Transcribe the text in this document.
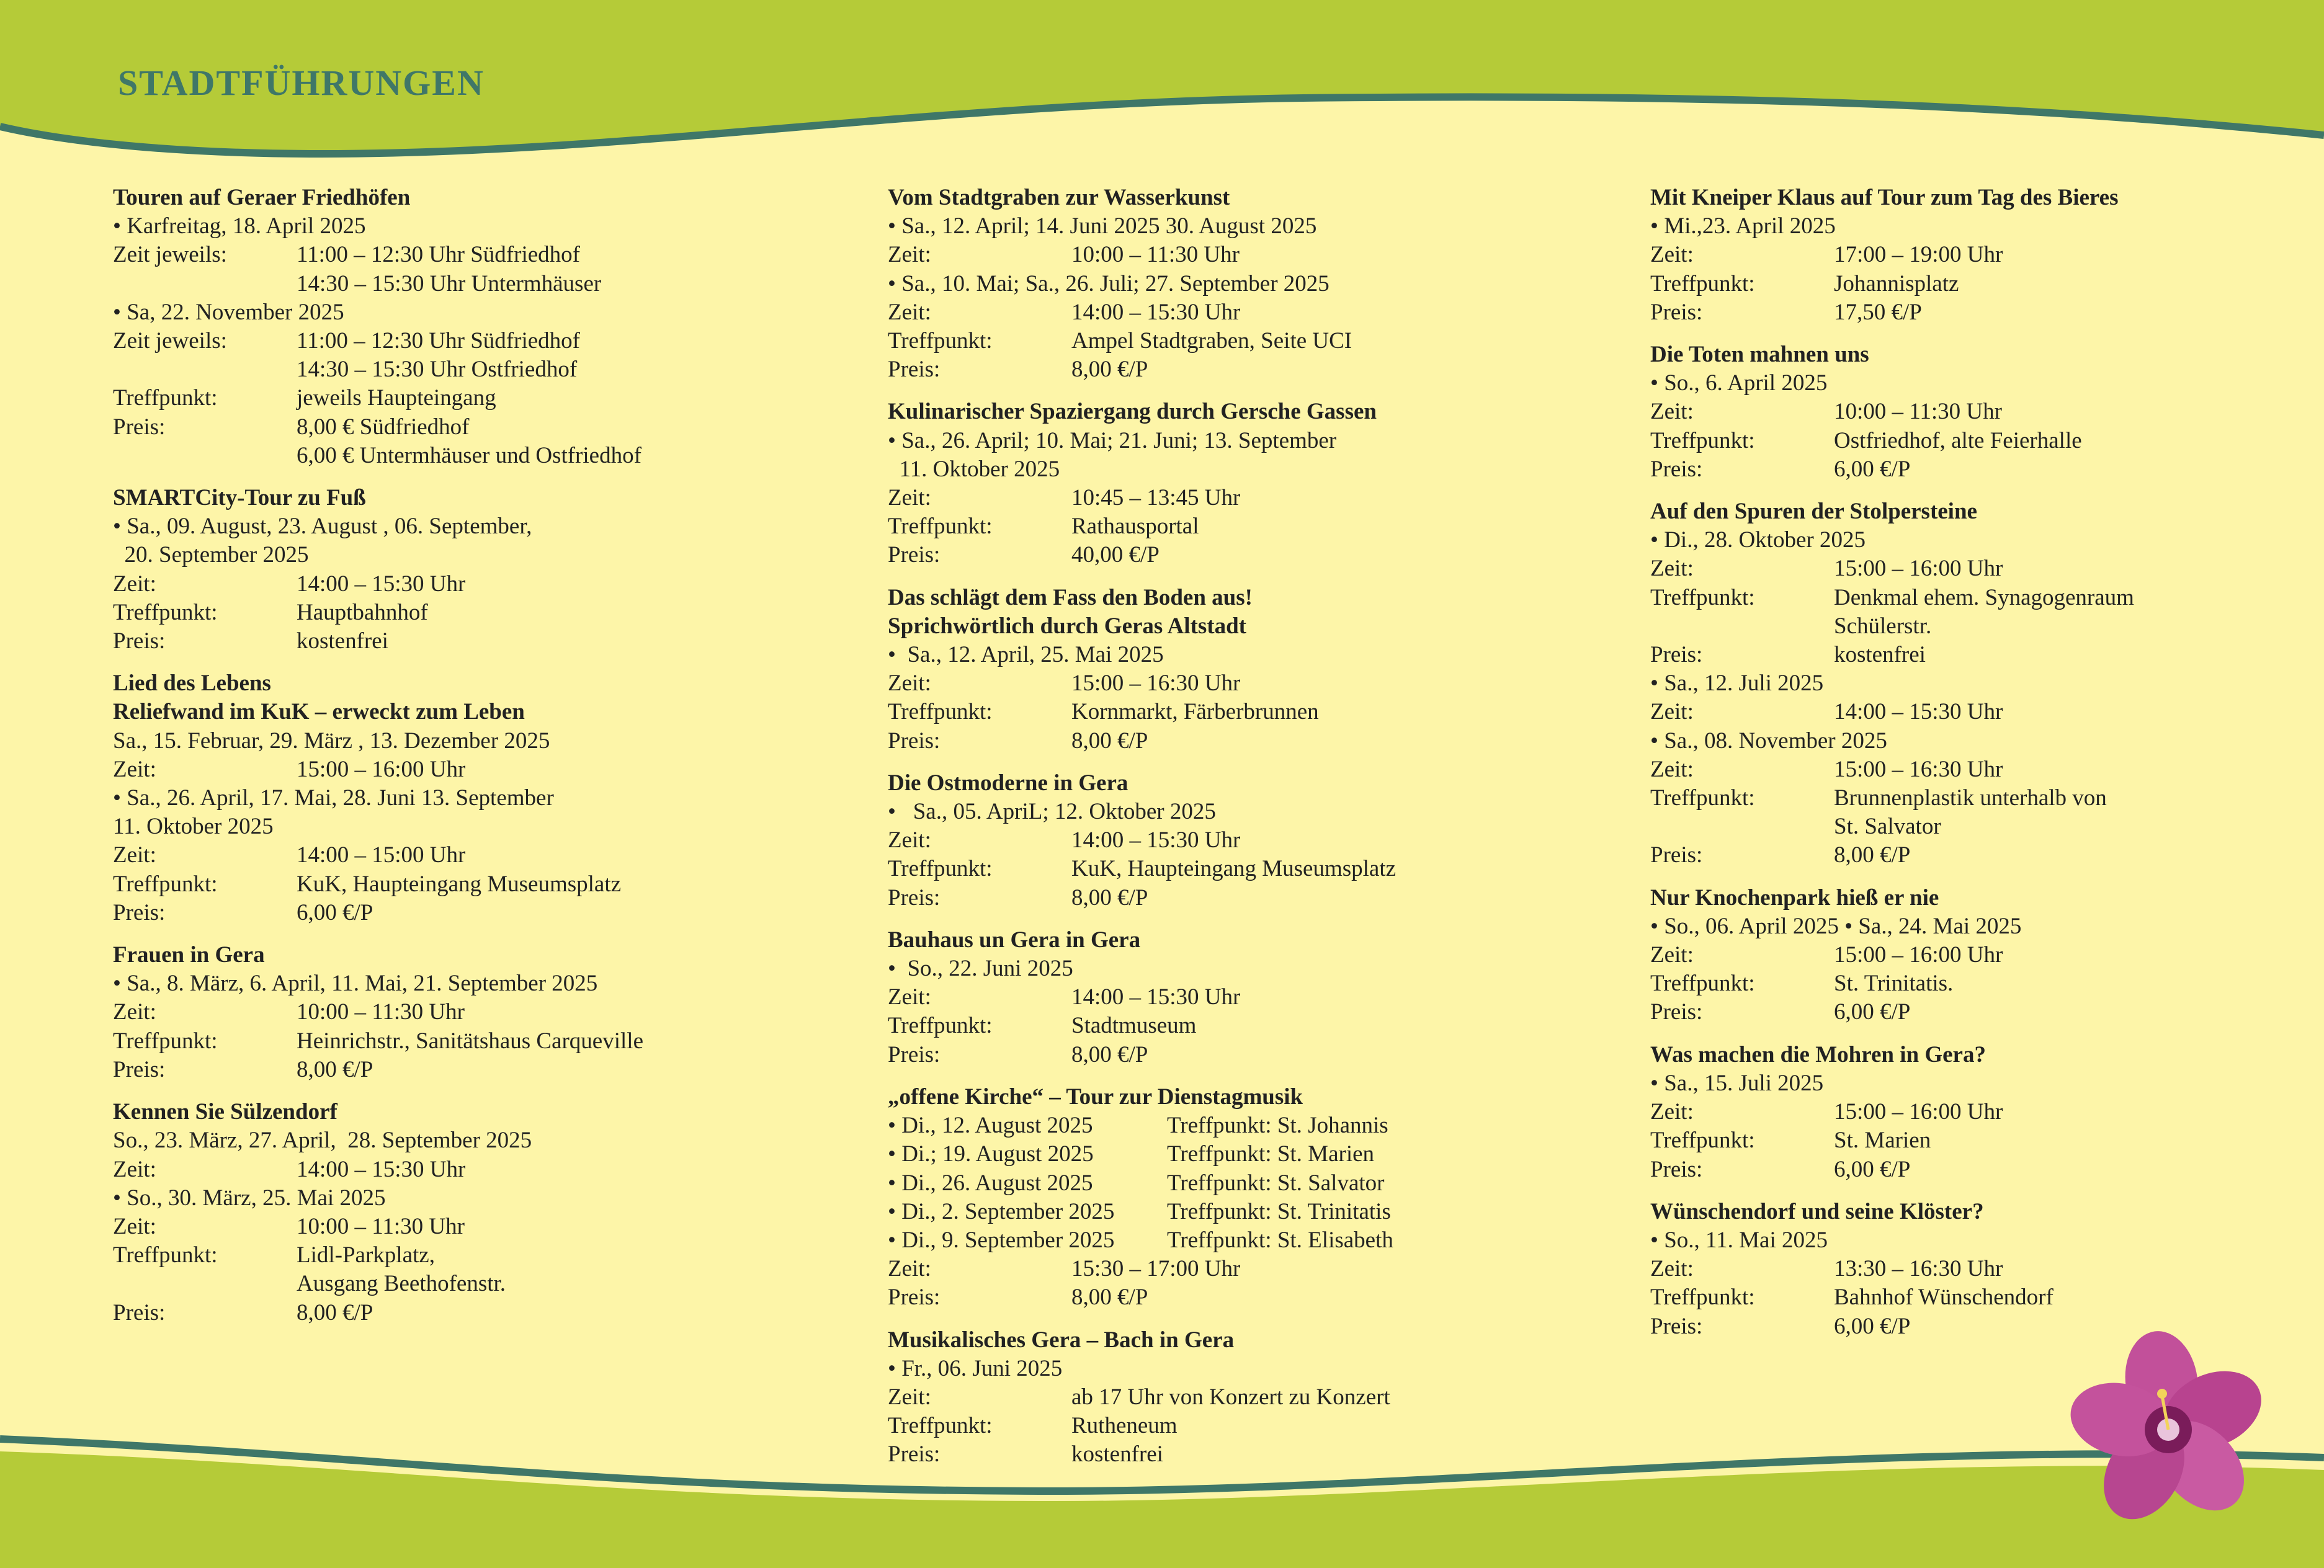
STADTFÜHRUNGEN
Touren auf Geraer Friedhöfen
• Karfreitag, 18. April 2025
Zeit jeweils:	11:00 – 12:30 Uhr Südfriedhof
14:30 – 15:30 Uhr Untermhäuser
• Sa, 22. November 2025
Zeit jeweils:	11:00 – 12:30 Uhr Südfriedhof
14:30 – 15:30 Uhr Ostfriedhof
Treffpunkt:	jeweils Haupteingang
Preis:	8,00 € Südfriedhof
6,00 € Untermhäuser und Ostfriedhof
SMARTCity-Tour zu Fuß
• Sa., 09. August, 23. August , 06. September,
20. September 2025
Zeit:	14:00 – 15:30 Uhr
Treffpunkt:	Hauptbahnhof
Preis:	kostenfrei
Lied des Lebens
Reliefwand im KuK – erweckt zum Leben
Sa., 15. Februar, 29. März , 13. Dezember 2025
Zeit:	15:00 – 16:00 Uhr
• Sa., 26. April, 17. Mai, 28. Juni 13. September
11. Oktober 2025
Zeit:	14:00 – 15:00 Uhr
Treffpunkt:	KuK, Haupteingang Museumsplatz
Preis:	6,00 €/P
Frauen in Gera
• Sa., 8. März, 6. April, 11. Mai, 21. September 2025
Zeit:	10:00 – 11:30 Uhr
Treffpunkt:	Heinrichstr., Sanitätshaus Carqueville
Preis:	8,00 €/P
Kennen Sie Sülzendorf
So., 23. März, 27. April,  28. September 2025
Zeit:	14:00 – 15:30 Uhr
• So., 30. März, 25. Mai 2025
Zeit:	10:00 – 11:30 Uhr
Treffpunkt:	Lidl-Parkplatz,
Ausgang Beethofenstr.
Preis:	8,00 €/P
Vom Stadtgraben zur Wasserkunst
• Sa., 12. April; 14. Juni 2025 30. August 2025
Zeit:	10:00 – 11:30 Uhr
• Sa., 10. Mai; Sa., 26. Juli; 27. September 2025
Zeit:	14:00 – 15:30 Uhr
Treffpunkt:	Ampel Stadtgraben, Seite UCI
Preis:	8,00 €/P
Kulinarischer Spaziergang durch Gersche Gassen
• Sa., 26. April; 10. Mai; 21. Juni; 13. September
11. Oktober 2025
Zeit:	10:45 – 13:45 Uhr
Treffpunkt:	Rathausportal
Preis:	40,00 €/P
Das schlägt dem Fass den Boden aus!
Sprichwörtlich durch Geras Altstadt
•  Sa., 12. April, 25. Mai 2025
Zeit:	15:00 – 16:30 Uhr
Treffpunkt:	Kornmarkt, Färberbrunnen
Preis:	8,00 €/P
Die Ostmoderne in Gera
•   Sa., 05. ApriL; 12. Oktober 2025
Zeit:	14:00 – 15:30 Uhr
Treffpunkt:	KuK, Haupteingang Museumsplatz
Preis:	8,00 €/P
Bauhaus un Gera in Gera
•  So., 22. Juni 2025
Zeit:	14:00 – 15:30 Uhr
Treffpunkt:	Stadtmuseum
Preis:	8,00 €/P
„offene Kirche“ – Tour zur Dienstagmusik
• Di., 12. August 2025	Treffpunkt: St. Johannis
• Di.; 19. August 2025	Treffpunkt: St. Marien
• Di., 26. August 2025	Treffpunkt: St. Salvator
• Di., 2. September 2025	Treffpunkt: St. Trinitatis
• Di., 9. September 2025	Treffpunkt: St. Elisabeth
Zeit:	15:30 – 17:00 Uhr
Preis:	8,00 €/P
Musikalisches Gera – Bach in Gera
• Fr., 06. Juni 2025
Zeit:	ab 17 Uhr von Konzert zu Konzert
Treffpunkt:	Rutheneum
Preis:	kostenfrei
Mit Kneiper Klaus auf Tour zum Tag des Bieres
• Mi.,23. April 2025
Zeit:	17:00 – 19:00 Uhr
Treffpunkt:	Johannisplatz
Preis:	17,50 €/P
Die Toten mahnen uns
• So., 6. April 2025
Zeit:	10:00 – 11:30 Uhr
Treffpunkt:	Ostfriedhof, alte Feierhalle
Preis:	6,00 €/P
Auf den Spuren der Stolpersteine
• Di., 28. Oktober 2025
Zeit:	15:00 – 16:00 Uhr
Treffpunkt:	Denkmal ehem. Synagogenraum
Schülerstr.
Preis:	kostenfrei
• Sa., 12. Juli 2025
Zeit:	14:00 – 15:30 Uhr
• Sa., 08. November 2025
Zeit:	15:00 – 16:30 Uhr
Treffpunkt:	Brunnenplastik unterhalb von
St. Salvator
Preis:	8,00 €/P
Nur Knochenpark hieß er nie
• So., 06. April 2025 • Sa., 24. Mai 2025
Zeit:	15:00 – 16:00 Uhr
Treffpunkt:	St. Trinitatis.
Preis:	6,00 €/P
Was machen die Mohren in Gera?
• Sa., 15. Juli 2025
Zeit:	15:00 – 16:00 Uhr
Treffpunkt:	St. Marien
Preis:	6,00 €/P
Wünschendorf und seine Klöster?
• So., 11. Mai 2025
Zeit:	13:30 – 16:30 Uhr
Treffpunkt:	Bahnhof Wünschendorf
Preis:	6,00 €/P
